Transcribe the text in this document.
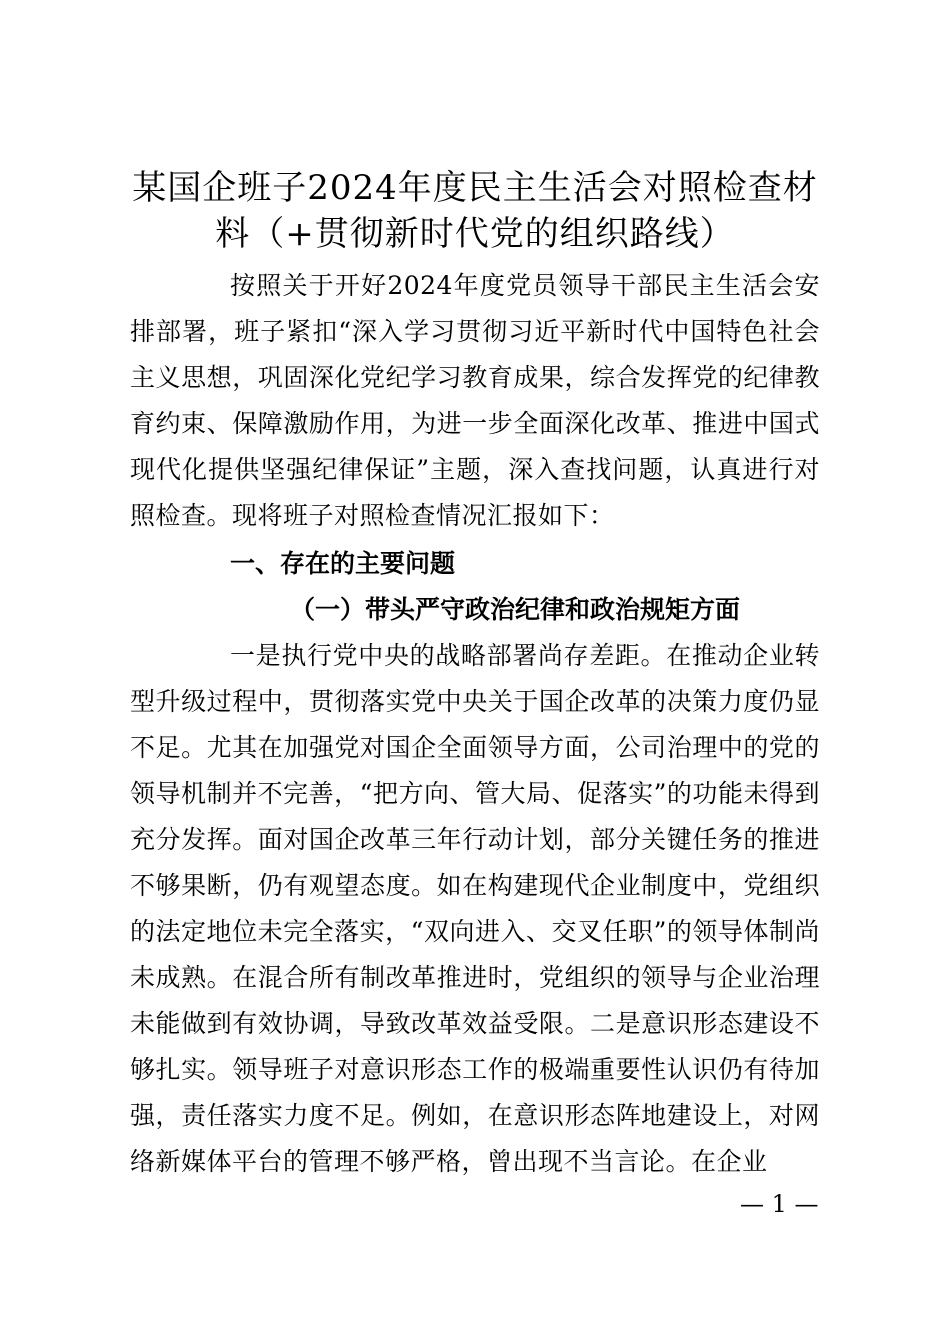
某国企班子2024年度民主生活会对照检查材
料（+贯彻新时代党的组织路线）
按照关于开好2024年度党员领导干部民主生活会安排部署，班子紧扣“深入学习贯彻习近平新时代中国特色社会主义思想，巩固深化党纪学习教育成果，综合发挥党的纪律教育约束、保障激励作用，为进一步全面深化改革、推进中国式现代化提供坚强纪律保证”主题，深入查找问题，认真进行对照检查。现将班子对照检查情况汇报如下：
一、存在的主要问题
（一）带头严守政治纪律和政治规矩方面
一是执行党中央的战略部署尚存差距。在推动企业转型升级过程中，贯彻落实党中央关于国企改革的决策力度仍显不足。尤其在加强党对国企全面领导方面，公司治理中的党的领导机制并不完善，“把方向、管大局、促落实”的功能未得到充分发挥。面对国企改革三年行动计划，部分关键任务的推进不够果断，仍有观望态度。如在构建现代企业制度中，党组织的法定地位未完全落实，“双向进入、交叉任职”的领导体制尚未成熟。在混合所有制改革推进时，党组织的领导与企业治理未能做到有效协调，导致改革效益受限。二是意识形态建设不够扎实。领导班子对意识形态工作的极端重要性认识仍有待加强，责任落实力度不足。例如，在意识形态阵地建设上，对网络新媒体平台的管理不够严格，曾出现不当言论。在企业
— 1 —
